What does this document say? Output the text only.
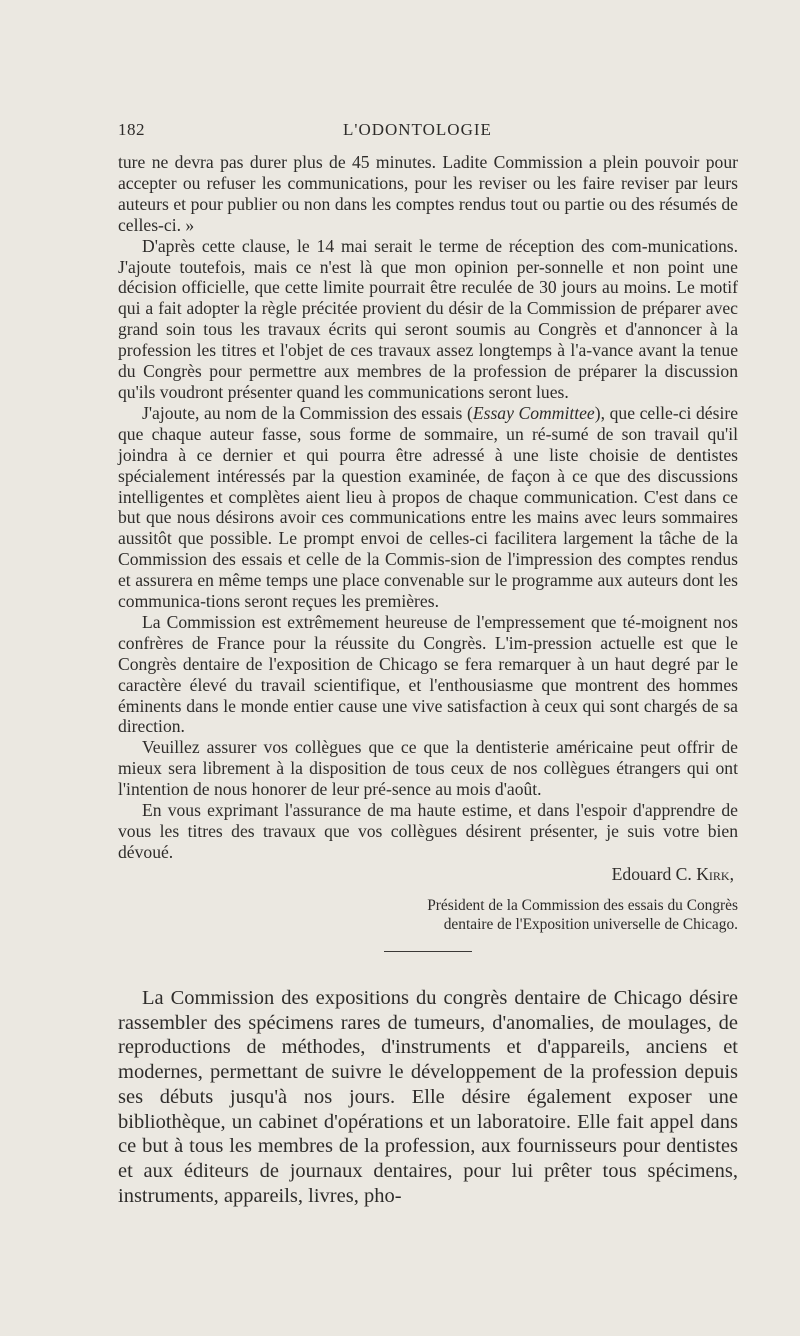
182	L'ODONTOLOGIE

ture ne devra pas durer plus de 45 minutes. Ladite Commission a plein pouvoir pour accepter ou refuser les communications, pour les reviser ou les faire reviser par leurs auteurs et pour publier ou non dans les comptes rendus tout ou partie ou des résumés de celles-ci. »

D'après cette clause, le 14 mai serait le terme de réception des com-munications. J'ajoute toutefois, mais ce n'est là que mon opinion per-sonnelle et non point une décision officielle, que cette limite pourrait être reculée de 30 jours au moins. Le motif qui a fait adopter la règle précitée provient du désir de la Commission de préparer avec grand soin tous les travaux écrits qui seront soumis au Congrès et d'annoncer à la profession les titres et l'objet de ces travaux assez longtemps à l'a-vance avant la tenue du Congrès pour permettre aux membres de la profession de préparer la discussion qu'ils voudront présenter quand les communications seront lues.

J'ajoute, au nom de la Commission des essais (Essay Committee), que celle-ci désire que chaque auteur fasse, sous forme de sommaire, un ré-sumé de son travail qu'il joindra à ce dernier et qui pourra être adressé à une liste choisie de dentistes spécialement intéressés par la question examinée, de façon à ce que des discussions intelligentes et complètes aient lieu à propos de chaque communication. C'est dans ce but que nous désirons avoir ces communications entre les mains avec leurs sommaires aussitôt que possible. Le prompt envoi de celles-ci facilitera largement la tâche de la Commission des essais et celle de la Commis-sion de l'impression des comptes rendus et assurera en même temps une place convenable sur le programme aux auteurs dont les communica-tions seront reçues les premières.

La Commission est extrêmement heureuse de l'empressement que té-moignent nos confrères de France pour la réussite du Congrès. L'im-pression actuelle est que le Congrès dentaire de l'exposition de Chicago se fera remarquer à un haut degré par le caractère élevé du travail scientifique, et l'enthousiasme que montrent des hommes éminents dans le monde entier cause une vive satisfaction à ceux qui sont chargés de sa direction.

Veuillez assurer vos collègues que ce que la dentisterie américaine peut offrir de mieux sera librement à la disposition de tous ceux de nos collègues étrangers qui ont l'intention de nous honorer de leur pré-sence au mois d'août.

En vous exprimant l'assurance de ma haute estime, et dans l'espoir d'apprendre de vous les titres des travaux que vos collègues désirent présenter, je suis votre bien dévoué.

Edouard C. Kirk,
Président de la Commission des essais du Congrès
dentaire de l'Exposition universelle de Chicago.

La Commission des expositions du congrès dentaire de Chicago désire rassembler des spécimens rares de tumeurs, d'anomalies, de moulages, de reproductions de méthodes, d'instruments et d'appareils, anciens et modernes, permettant de suivre le développement de la profession depuis ses débuts jusqu'à nos jours. Elle désire également exposer une bibliothèque, un cabinet d'opérations et un laboratoire. Elle fait appel dans ce but à tous les membres de la profession, aux fournisseurs pour dentistes et aux éditeurs de journaux dentaires, pour lui prêter tous spécimens, instruments, appareils, livres, pho-
